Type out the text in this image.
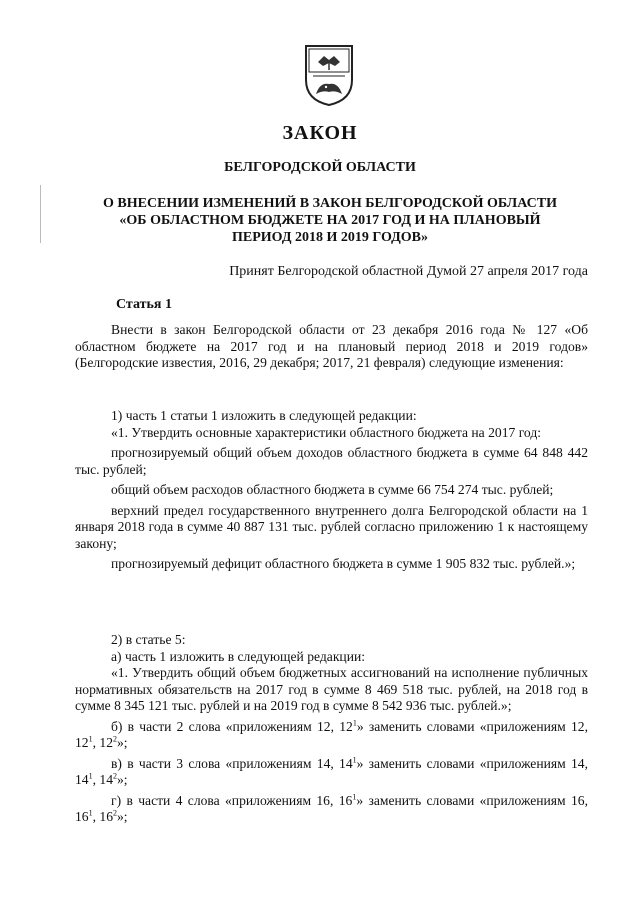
ЗАКОН
БЕЛГОРОДСКОЙ ОБЛАСТИ
О ВНЕСЕНИИ ИЗМЕНЕНИЙ В ЗАКОН БЕЛГОРОДСКОЙ ОБЛАСТИ
«ОБ ОБЛАСТНОМ БЮДЖЕТЕ НА 2017 ГОД И НА ПЛАНОВЫЙ
ПЕРИОД 2018 И 2019 ГОДОВ»
Принят Белгородской областной Думой 27 апреля 2017 года
Статья 1

Внести в закон Белгородской области от 23 декабря 2016 года № 127 «Об областном бюджете на 2017 год и на плановый период 2018 и 2019 годов» (Белгородские известия, 2016, 29 декабря; 2017, 21 февраля) следующие изменения:

1) часть 1 статьи 1 изложить в следующей редакции:

«1. Утвердить основные характеристики областного бюджета на 2017 год:

прогнозируемый общий объем доходов областного бюджета в сумме 64 848 442 тыс. рублей;

общий объем расходов областного бюджета в сумме 66 754 274 тыс. рублей;

верхний предел государственного внутреннего долга Белгородской области на 1 января 2018 года в сумме 40 887 131 тыс. рублей согласно приложению 1 к настоящему закону;

прогнозируемый дефицит областного бюджета в сумме 1 905 832 тыс. рублей.»;

2) в статье 5:

а) часть 1 изложить в следующей редакции:

«1. Утвердить общий объем бюджетных ассигнований на исполнение публичных нормативных обязательств на 2017 год в сумме 8 469 518 тыс. рублей, на 2018 год в сумме 8 345 121 тыс. рублей и на 2019 год в сумме 8 542 936 тыс. рублей.»;

б) в части 2 слова «приложениям 12, $12^1$» заменить словами «приложениям 12, $12^1$, $12^2$»;

в) в части 3 слова «приложениям 14, $14^1$» заменить словами «приложениям 14, $14^1$, $14^2$»;

г) в части 4 слова «приложениям 16, $16^1$» заменить словами «приложениям 16, $16^1$, $16^2$»;
